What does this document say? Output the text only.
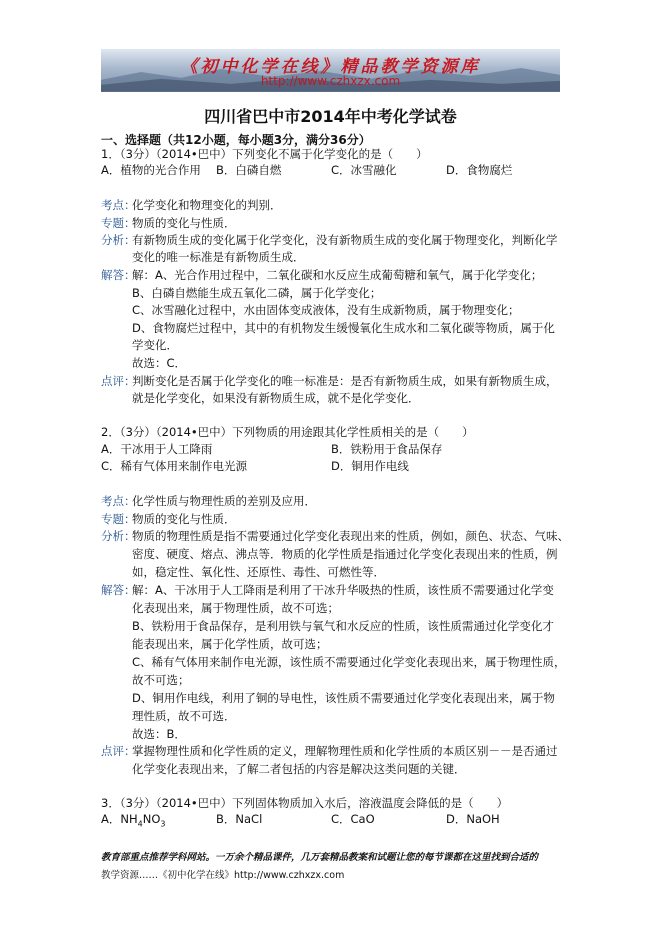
《初中化学在线》精品教学资源库
http://www.czhxzx.com
四川省巴中市2014年中考化学试卷
一、选择题（共12小题，每小题3分，满分36分）
1．（3分）（2014•巴中）下列变化不属于化学变化的是（　　）
A．植物的光合作用 B．白磷自燃	C．冰雪融化	D．食物腐烂
考点：
化学变化和物理变化的判别．
专题：
物质的变化与性质．
分析：
有新物质生成的变化属于化学变化，没有新物质生成的变化属于物理变化，判断化学
变化的唯一标准是有新物质生成．
解答：
解：A、光合作用过程中，二氧化碳和水反应生成葡萄糖和氧气，属于化学变化；
B、白磷自燃能生成五氧化二磷，属于化学变化；
C、冰雪融化过程中，水由固体变成液体，没有生成新物质，属于物理变化；
D、食物腐烂过程中，其中的有机物发生缓慢氧化生成水和二氧化碳等物质，属于化
学变化．
故选：C．
点评：
判断变化是否属于化学变化的唯一标准是：是否有新物质生成，如果有新物质生成，
就是化学变化，如果没有新物质生成，就不是化学变化．
2．（3分）（2014•巴中）下列物质的用途跟其化学性质相关的是（　　）
A．干冰用于人工降雨	B．铁粉用于食品保存
C．稀有气体用来制作电光源	D．铜用作电线
考点：
化学性质与物理性质的差别及应用．
专题：
物质的变化与性质．
分析：
物质的物理性质是指不需要通过化学变化表现出来的性质，例如，颜色、状态、气味、
密度、硬度、熔点、沸点等．物质的化学性质是指通过化学变化表现出来的性质，例
如，稳定性、氧化性、还原性、毒性、可燃性等．
解答：
解：A、干冰用于人工降雨是利用了干冰升华吸热的性质，该性质不需要通过化学变
化表现出来，属于物理性质，故不可选；
B、铁粉用于食品保存，是利用铁与氧气和水反应的性质，该性质需通过化学变化才
能表现出来，属于化学性质，故可选；
C、稀有气体用来制作电光源，该性质不需要通过化学变化表现出来，属于物理性质，
故不可选；
D、铜用作电线，利用了铜的导电性，该性质不需要通过化学变化表现出来，属于物
理性质，故不可选．
故选：B．
点评：
掌握物理性质和化学性质的定义，理解物理性质和化学性质的本质区别－－是否通过
化学变化表现出来，了解二者包括的内容是解决这类问题的关键．
3．（3分）（2014•巴中）下列固体物质加入水后，溶液温度会降低的是（　　）
A．$NH_4NO_3$	B．NaCl	C．CaO	D．NaOH
教育部重点推荐学科网站。一万余个精品课件，几万套精品教案和试题让您的每节课都在这里找到合适的
教学资源……《初中化学在线》http://www.czhxzx.com
